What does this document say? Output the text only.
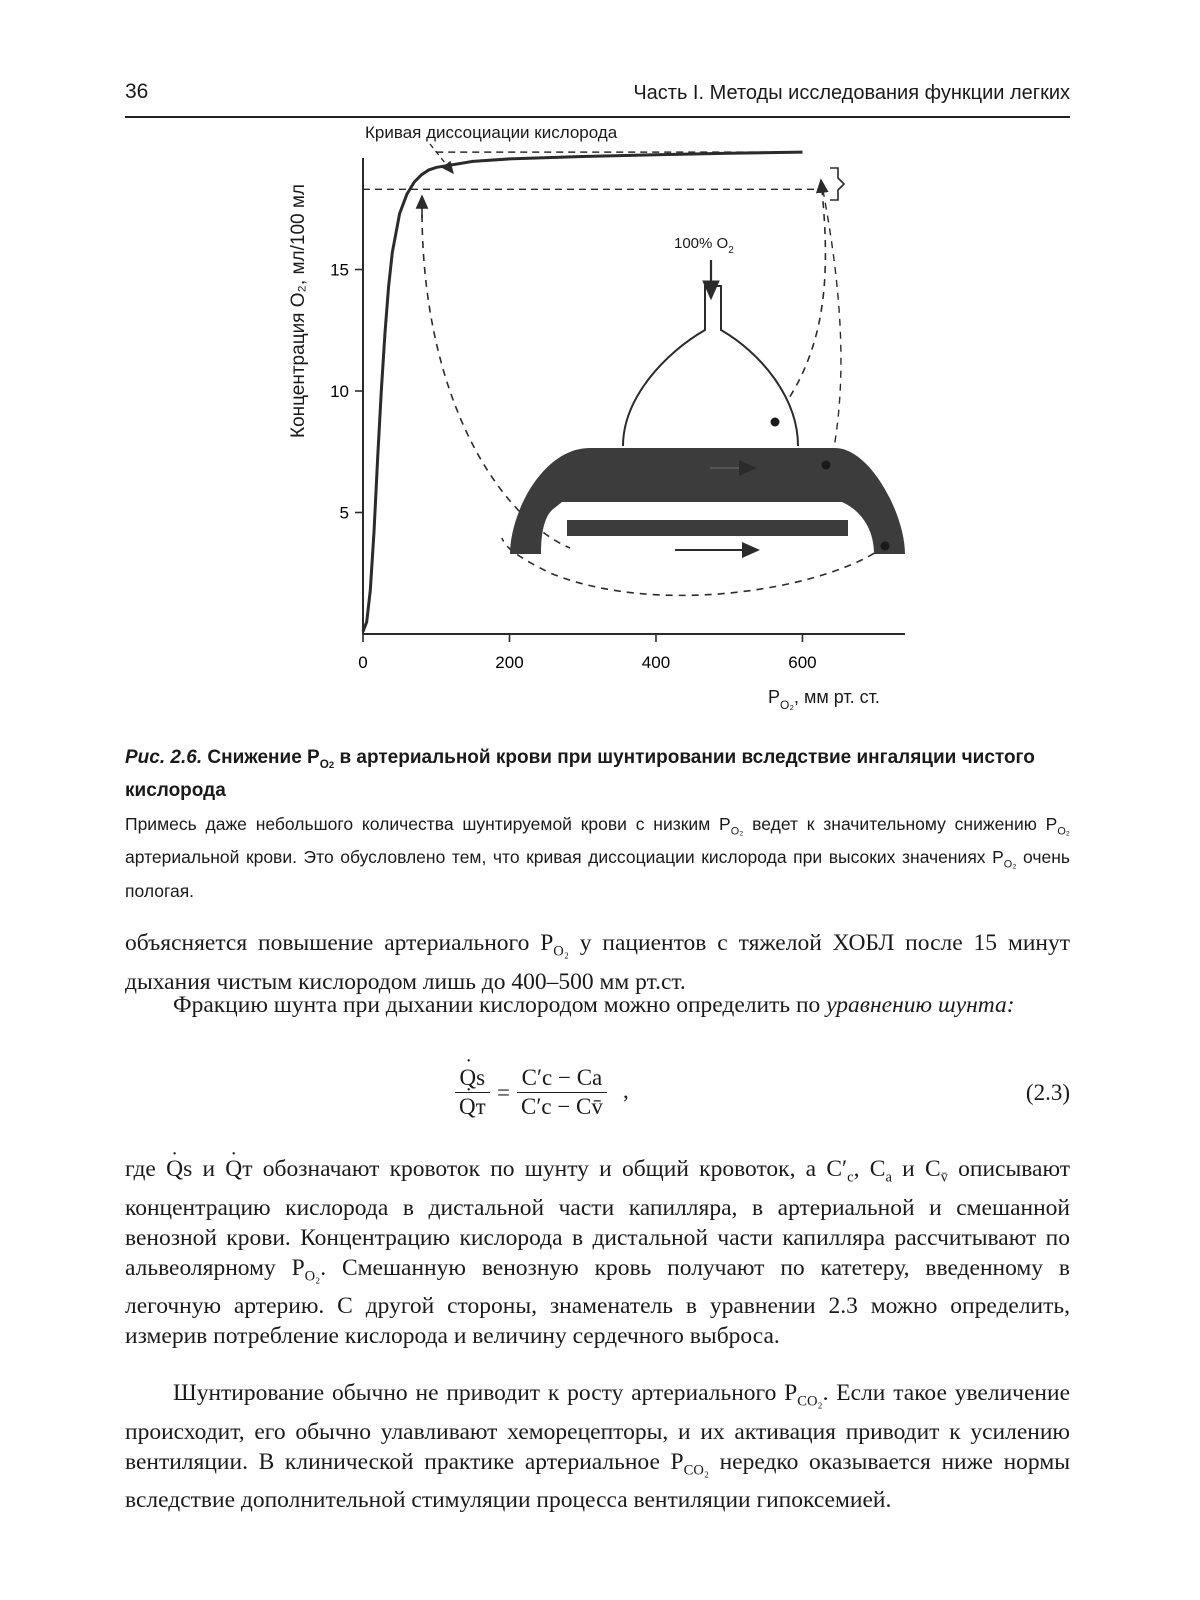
36	Часть I. Методы исследования функции легких
0	200	400	600
5
10
15
Концентрация O₂, мл/100 мл
$P_{O_2}$, мм рт. ст.
Кривая диссоциации кислорода
100% $O_2$

Рис. 2.6. Снижение $P_{O2}$ в артериальной крови при шунтировании вследствие ингаляции чистого кислорода

Примесь даже небольшого количества шунтируемой крови с низким $P_{O_2}$ ведет к значительному снижению $P_{O_2}$ артериальной крови. Это обусловлено тем, что кривая диссоциации кислорода при высоких значениях $P_{O_2}$ очень пологая.

объясняется повышение артериального $P_{O_2}$ у пациентов с тяжелой ХОБЛ после 15 минут дыхания чистым кислородом лишь до 400–500 мм рт.ст.

Фракцию шунта при дыхании кислородом можно определить по уравнению шунта:

· Qs
· Qт
= $\frac{C'c - Ca}{C'c - Cv̄}$ ,	(2.3)

где · Qs и · Qт обозначают кровоток по шунту и общий кровоток, а $C'_c$, $C_a$ и $C_{v̄}$ описывают концентрацию кислорода в дистальной части капилляра, в артериальной и смешанной венозной крови. Концентрацию кислорода в дистальной части капилляра рассчитывают по альвеолярному $P_{O_2}$. Смешанную венозную кровь получают по катетеру, введенному в легочную артерию. С другой стороны, знаменатель в уравнении 2.3 можно определить, измерив потребление кислорода и величину сердечного выброса.

Шунтирование обычно не приводит к росту артериального $P_{CO_2}$. Если такое увеличение происходит, его обычно улавливают хеморецепторы, и их активация приводит к усилению вентиляции. В клинической практике артериальное $P_{CO_2}$ нередко оказывается ниже нормы вследствие дополнительной стимуляции процесса вентиляции гипоксемией.
